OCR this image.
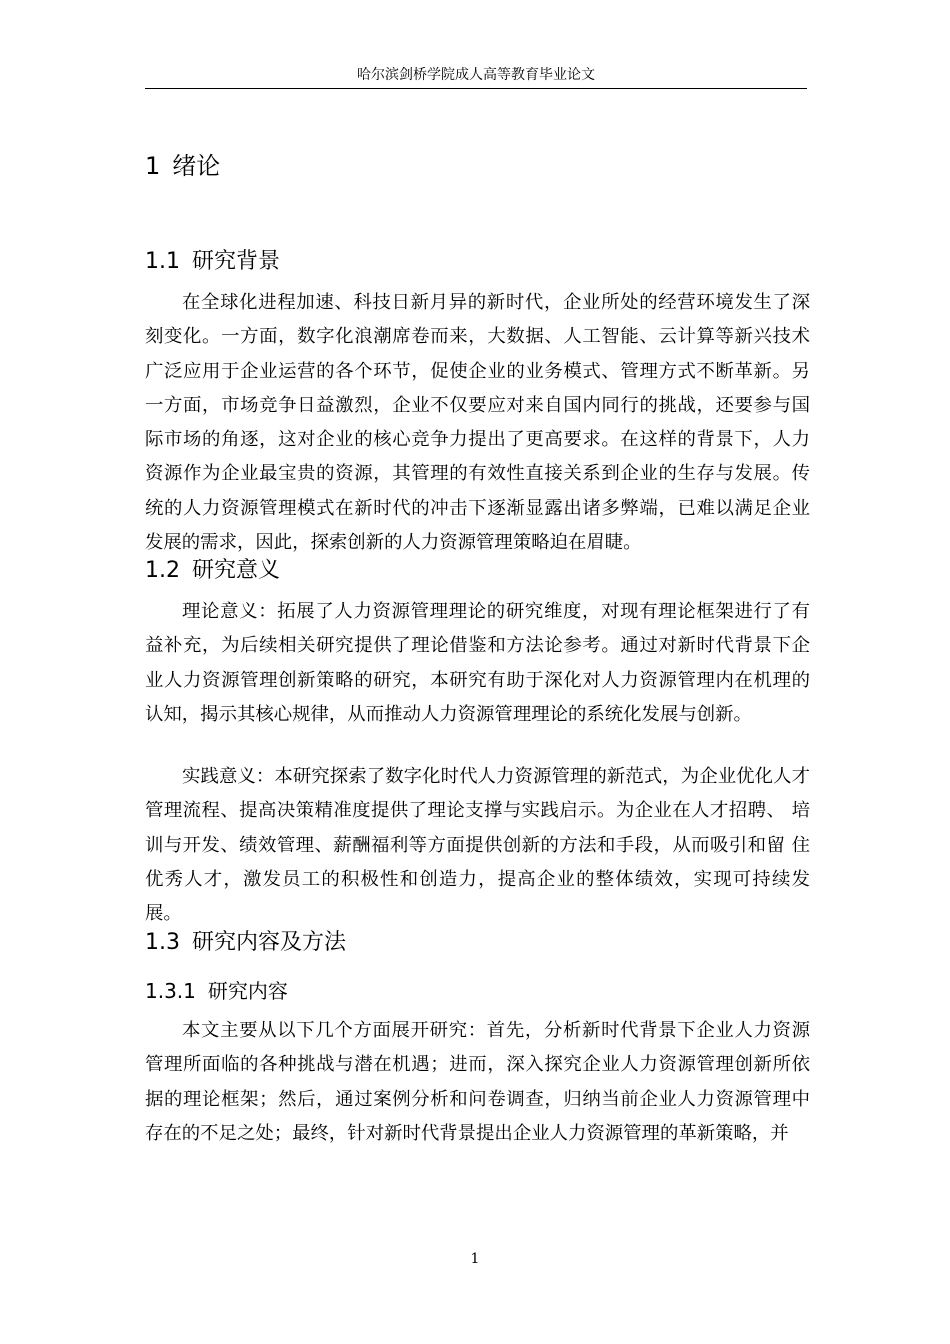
哈尔滨剑桥学院成人高等教育毕业论文
1 绪论
1.1 研究背景

在全球化进程加速、科技日新月异的新时代，企业所处的经营环境发生了深 刻变化。一方面，数字化浪潮席卷而来，大数据、人工智能、云计算等新兴技术 广泛应用于企业运营的各个环节，促使企业的业务模式、管理方式不断革新。另 一方面，市场竞争日益激烈，企业不仅要应对来自国内同行的挑战，还要参与国 际市场的角逐，这对企业的核心竞争力提出了更高要求。在这样的背景下，人力 资源作为企业最宝贵的资源，其管理的有效性直接关系到企业的生存与发展。传 统的人力资源管理模式在新时代的冲击下逐渐显露出诸多弊端，已难以满足企业 发展的需求，因此，探索创新的人力资源管理策略迫在眉睫。

1.2 研究意义

理论意义：拓展了人力资源管理理论的研究维度，对现有理论框架进行了有 益补充，为后续相关研究提供了理论借鉴和方法论参考。通过对新时代背景下企 业人力资源管理创新策略的研究，本研究有助于深化对人力资源管理内在机理的 认知，揭示其核心规律，从而推动人力资源管理理论的系统化发展与创新。

实践意义：本研究探索了数字化时代人力资源管理的新范式，为企业优化人才管理流程、提高决策精准度提供了理论支撑与实践启示。为企业在人才招聘、 培训与开发、绩效管理、薪酬福利等方面提供创新的方法和手段，从而吸引和留 住优秀人才，激发员工的积极性和创造力，提高企业的整体绩效，实现可持续发 展。

1.3 研究内容及方法
1.3.1 研究内容

本文主要从以下几个方面展开研究：首先，分析新时代背景下企业人力资源 管理所面临的各种挑战与潜在机遇；进而，深入探究企业人力资源管理创新所依 据的理论框架；然后，通过案例分析和问卷调查，归纳当前企业人力资源管理中 存在的不足之处；最终，针对新时代背景提出企业人力资源管理的革新策略，并

1
